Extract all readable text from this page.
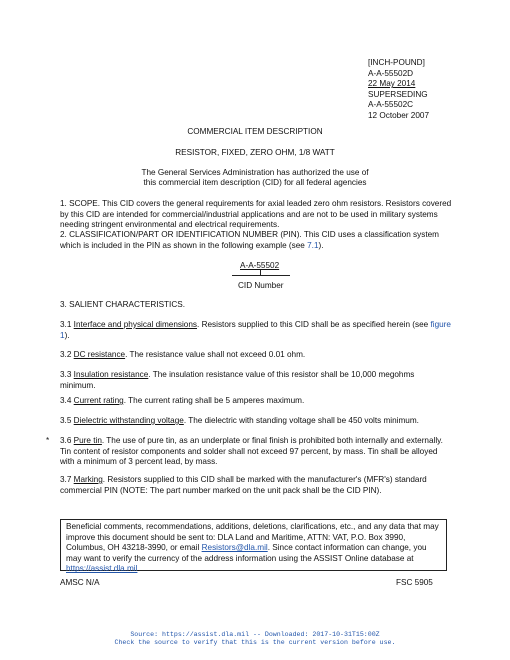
[INCH-POUND]
A-A-55502D
22 May 2014
SUPERSEDING
A-A-55502C
12 October 2007
COMMERCIAL ITEM DESCRIPTION
RESISTOR, FIXED, ZERO OHM, 1/8 WATT
The General Services Administration has authorized the use of
this commercial item description (CID) for all federal agencies
1. SCOPE. This CID covers the general requirements for axial leaded zero ohm resistors. Resistors covered by this CID are intended for commercial/industrial applications and are not to be used in military systems needing stringent environmental and electrical requirements.
2. CLASSIFICATION/PART OR IDENTIFICATION NUMBER (PIN). This CID uses a classification system which is included in the PIN as shown in the following example (see 7.1).
A-A-55502
CID Number
3. SALIENT CHARACTERISTICS.
3.1 Interface and physical dimensions. Resistors supplied to this CID shall be as specified herein (see figure 1).
3.2 DC resistance. The resistance value shall not exceed 0.01 ohm.
3.3 Insulation resistance. The insulation resistance value of this resistor shall be 10,000 megohms minimum.
3.4 Current rating. The current rating shall be 5 amperes maximum.
3.5 Dielectric withstanding voltage. The dielectric with standing voltage shall be 450 volts minimum.
* 3.6 Pure tin. The use of pure tin, as an underplate or final finish is prohibited both internally and externally. Tin content of resistor components and solder shall not exceed 97 percent, by mass. Tin shall be alloyed with a minimum of 3 percent lead, by mass.
3.7 Marking. Resistors supplied to this CID shall be marked with the manufacturer's (MFR's) standard commercial PIN (NOTE: The part number marked on the unit pack shall be the CID PIN).
Beneficial comments, recommendations, additions, deletions, clarifications, etc., and any data that may improve this document should be sent to: DLA Land and Maritime, ATTN: VAT, P.O. Box 3990, Columbus, OH 43218-3990, or email Resistors@dla.mil. Since contact information can change, you may want to verify the currency of the address information using the ASSIST Online database at https://assist.dla.mil.
AMSC N/A	FSC 5905
Source: https://assist.dla.mil -- Downloaded: 2017-10-31T15:00Z
Check the source to verify that this is the current version before use.
